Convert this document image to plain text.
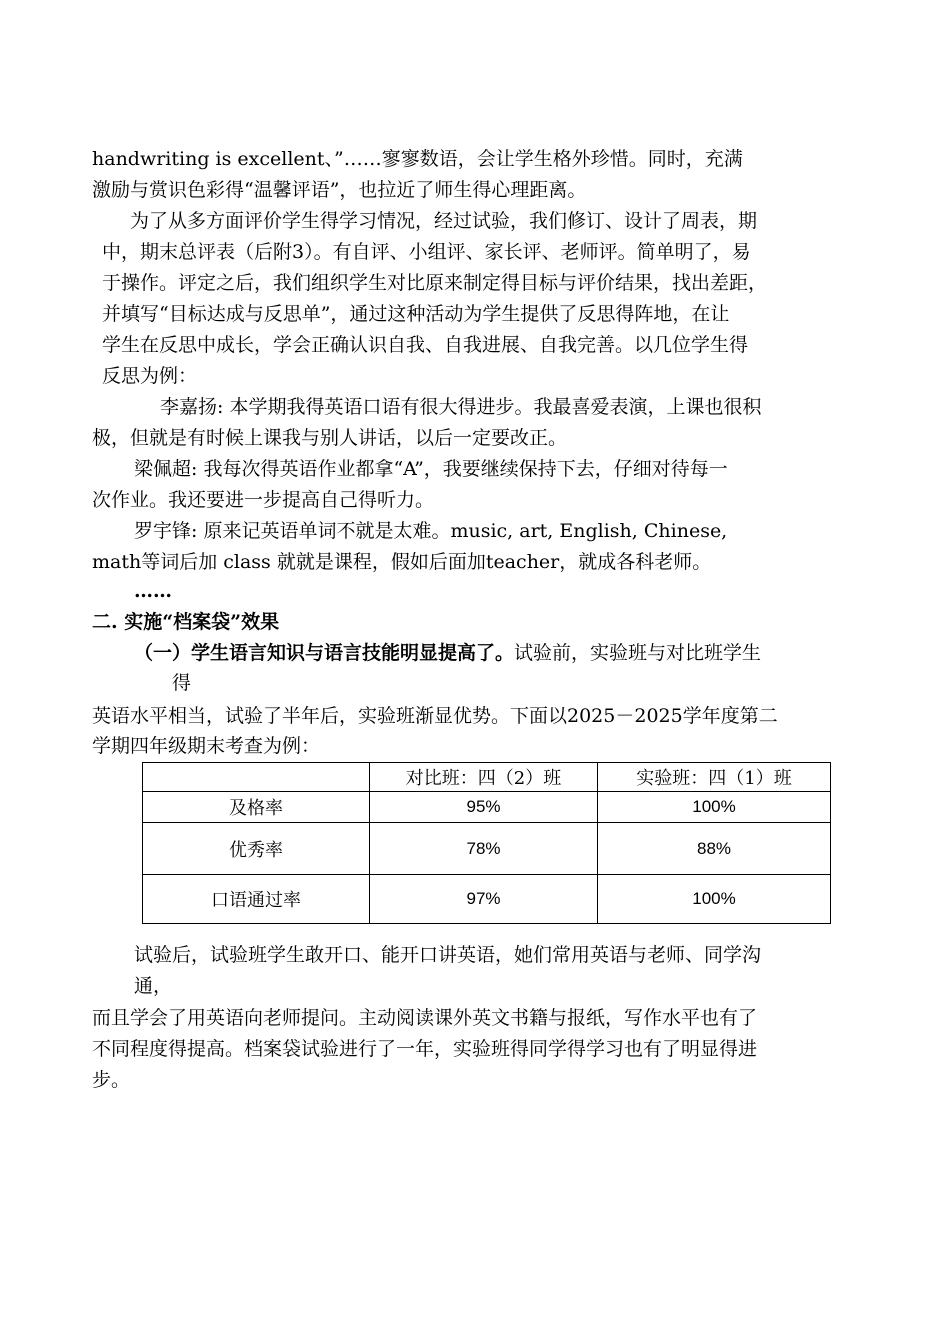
handwriting is excellent、”……寥寥数语，会让学生格外珍惜。同时，充满
激励与赏识色彩得“温馨评语”，也拉近了师生得心理距离。
为了从多方面评价学生得学习情况，经过试验，我们修订、设计了周表，期
中，期末总评表（后附3）。有自评、小组评、家长评、老师评。简单明了，易
于操作。评定之后，我们组织学生对比原来制定得目标与评价结果，找出差距，
并填写“目标达成与反思单”，通过这种活动为学生提供了反思得阵地，在让
学生在反思中成长，学会正确认识自我、自我进展、自我完善。以几位学生得
反思为例：
李嘉扬: 本学期我得英语口语有很大得进步。我最喜爱表演，上课也很积
极，但就是有时候上课我与别人讲话，以后一定要改正。
梁佩超: 我每次得英语作业都拿“A”，我要继续保持下去，仔细对待每一
次作业。我还要进一步提高自己得听力。
罗宇锋: 原来记英语单词不就是太难。music, art, English, Chinese,
math等词后加 class 就就是课程，假如后面加teacher，就成各科老师。
……
二. 实施“档案袋”效果
（一）学生语言知识与语言技能明显提高了。试验前，实验班与对比班学生
得
英语水平相当，试验了半年后，实验班渐显优势。下面以2025－2025学年度第二
学期四年级期末考查为例：
	对比班：四（2）班	实验班：四（1）班
及格率	95%	100%
优秀率	78%	88%
口语通过率	97%	100%
试验后，试验班学生敢开口、能开口讲英语，她们常用英语与老师、同学沟
通，
而且学会了用英语向老师提问。主动阅读课外英文书籍与报纸，写作水平也有了
不同程度得提高。档案袋试验进行了一年，实验班得同学得学习也有了明显得进
步。
